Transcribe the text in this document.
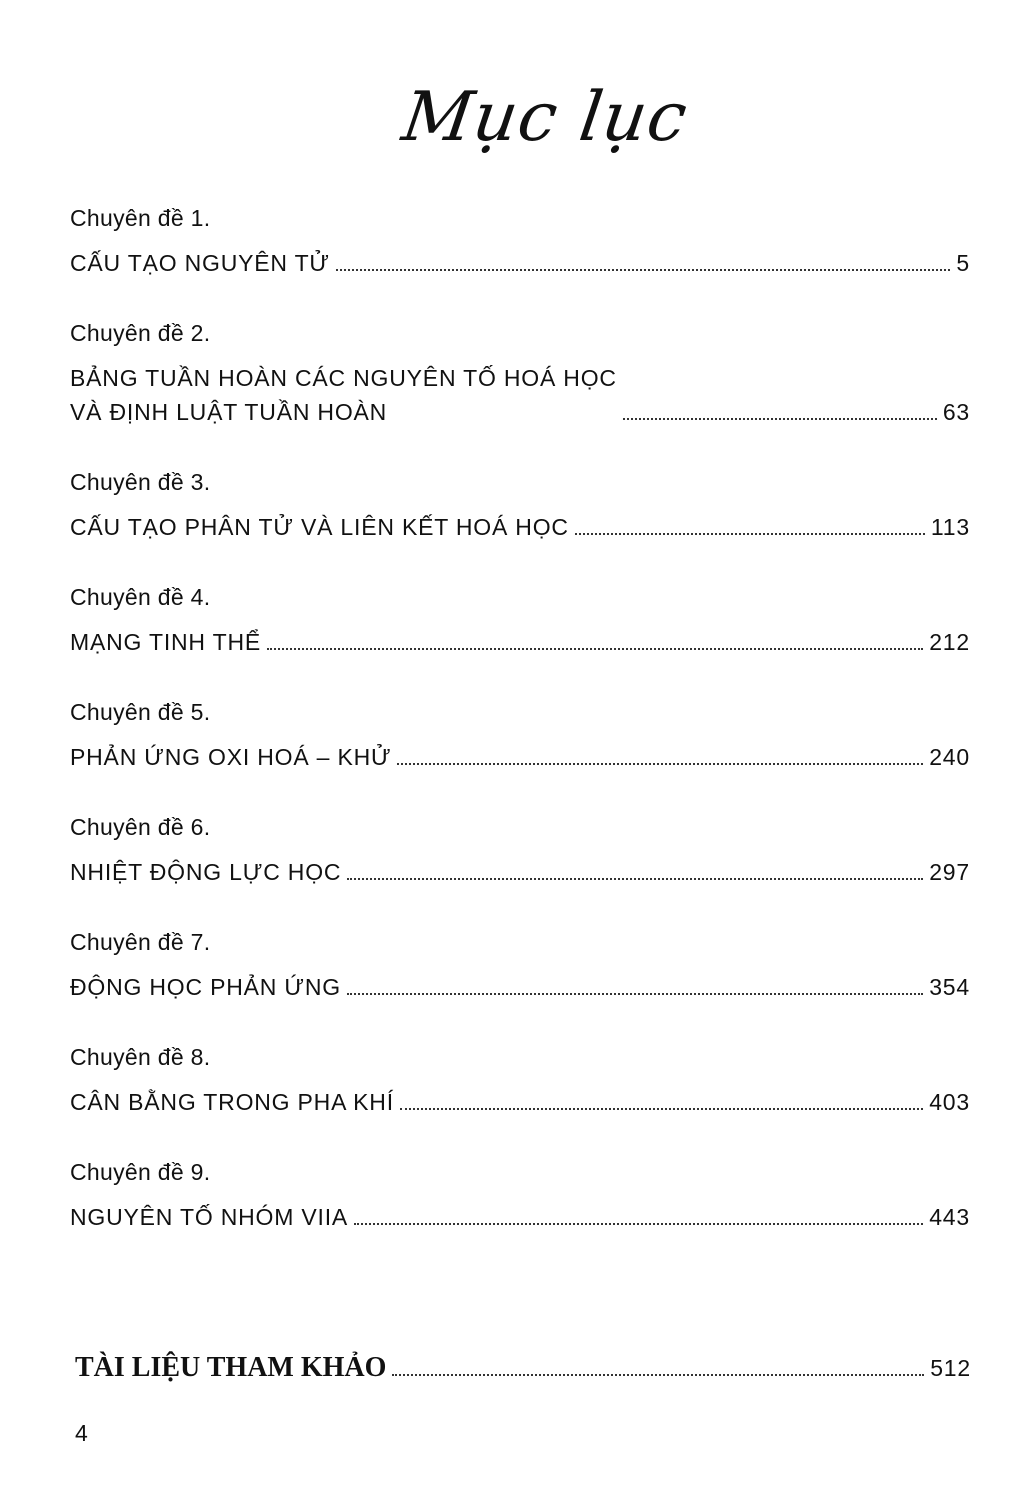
Mục lục
Chuyên đề 1.
CẤU TẠO NGUYÊN TỬ	5
Chuyên đề 2.
BẢNG TUẦN HOÀN CÁC NGUYÊN TỐ HOÁ HỌC
VÀ ĐỊNH LUẬT TUẦN HOÀN	63
Chuyên đề 3.
CẤU TẠO PHÂN TỬ VÀ LIÊN KẾT HOÁ HỌC	113
Chuyên đề 4.
MẠNG TINH THỂ	212
Chuyên đề 5.
PHẢN ỨNG OXI HOÁ – KHỬ	240
Chuyên đề 6.
NHIỆT ĐỘNG LỰC HỌC	297
Chuyên đề 7.
ĐỘNG HỌC PHẢN ỨNG	354
Chuyên đề 8.
CÂN BẰNG TRONG PHA KHÍ	403
Chuyên đề 9.
NGUYÊN TỐ NHÓM VIIA	443
TÀI LIỆU THAM KHẢO	512
4
